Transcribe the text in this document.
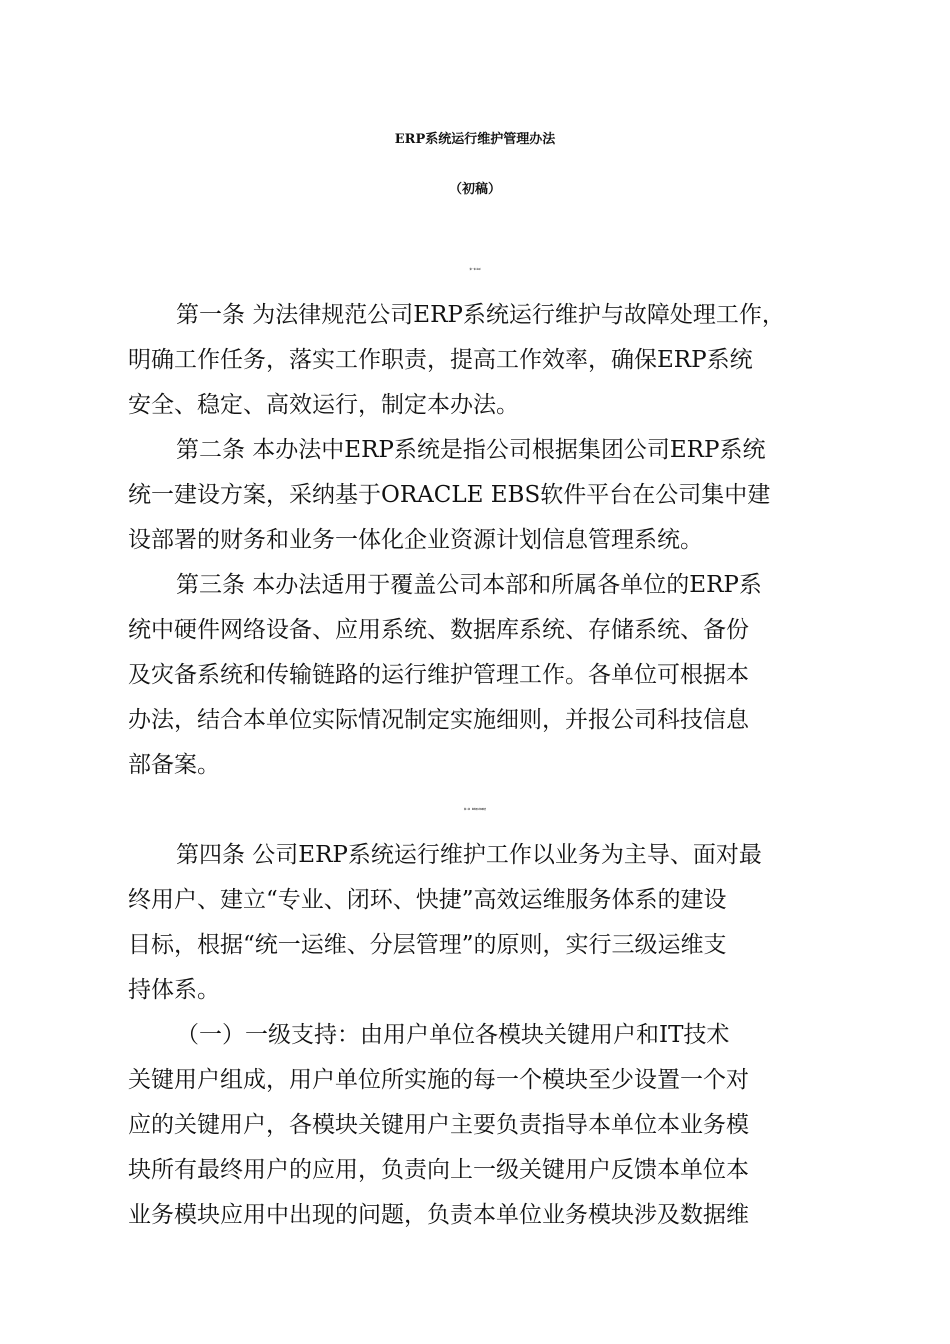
ERP系统运行维护管理办法
（初稿）
第一章 总则
第一条 为法律规范公司ERP系统运行维护与故障处理工作，
明确工作任务，落实工作职责，提高工作效率，确保ERP系统
安全、稳定、高效运行，制定本办法。
第二条 本办法中ERP系统是指公司根据集团公司ERP系统
统一建设方案，采纳基于ORACLE EBS软件平台在公司集中建
设部署的财务和业务一体化企业资源计划信息管理系统。
第三条 本办法适用于覆盖公司本部和所属各单位的ERP系
统中硬件网络设备、应用系统、数据库系统、存储系统、备份
及灾备系统和传输链路的运行维护管理工作。各单位可根据本
办法，结合本单位实际情况制定实施细则，并报公司科技信息
部备案。
第二章　组织形式和职责
第四条 公司ERP系统运行维护工作以业务为主导、面对最
终用户、建立“专业、闭环、快捷”高效运维服务体系的建设
目标，根据“统一运维、分层管理”的原则，实行三级运维支
持体系。
（一）一级支持：由用户单位各模块关键用户和IT技术
关键用户组成，用户单位所实施的每一个模块至少设置一个对
应的关键用户，各模块关键用户主要负责指导本单位本业务模
块所有最终用户的应用，负责向上一级关键用户反馈本单位本
业务模块应用中出现的问题，负责本单位业务模块涉及数据维
